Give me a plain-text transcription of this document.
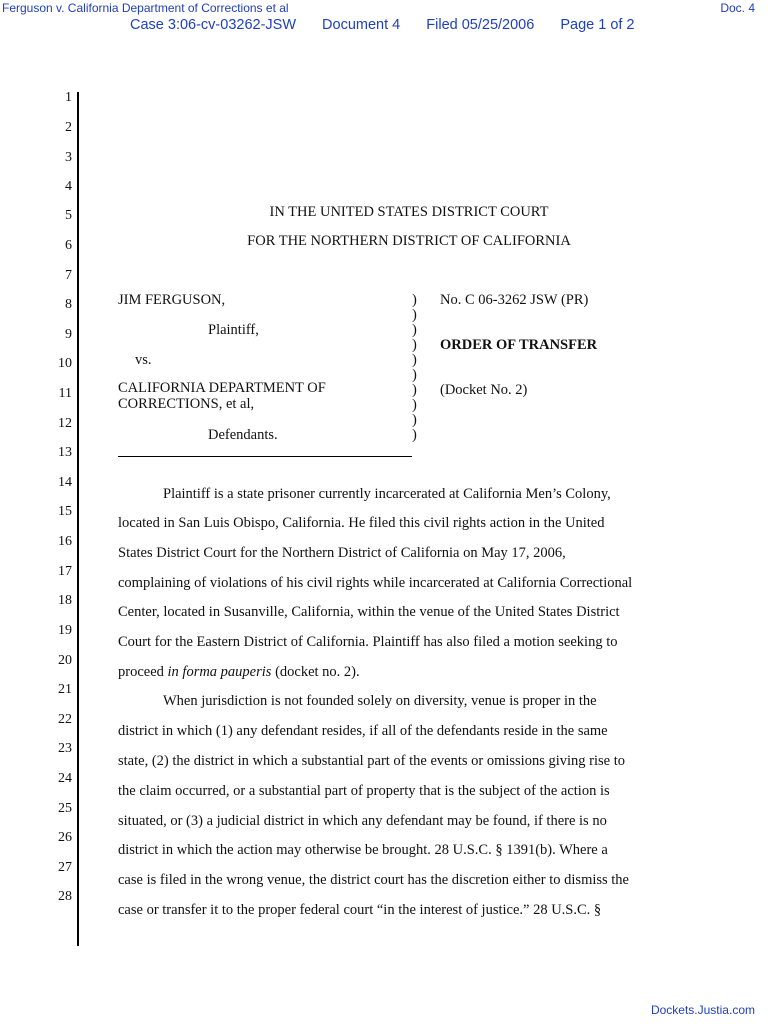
Ferguson v. California Department of Corrections et al	Doc. 4
Case 3:06-cv-03262-JSW Document 4 Filed 05/25/2006 Page 1 of 2
1
2
3
4
5
6
7
8
9
10
11
12
13
14
15
16
17
18
19
20
21
22
23
24
25
26
27
28
IN THE UNITED STATES DISTRICT COURT
FOR THE NORTHERN DISTRICT OF CALIFORNIA
JIM FERGUSON,
Plaintiff,
vs.
CALIFORNIA DEPARTMENT OF
CORRECTIONS, et al,
Defendants.
)
)
)
)
)
)
)
)
)
)
No. C 06-3262 JSW (PR)
ORDER OF TRANSFER
(Docket No. 2)
Plaintiff is a state prisoner currently incarcerated at California Men’s Colony,
located in San Luis Obispo, California. He filed this civil rights action in the United
States District Court for the Northern District of California on May 17, 2006,
complaining of violations of his civil rights while incarcerated at California Correctional
Center, located in Susanville, California, within the venue of the United States District
Court for the Eastern District of California. Plaintiff has also filed a motion seeking to
proceed in forma pauperis (docket no. 2).
When jurisdiction is not founded solely on diversity, venue is proper in the
district in which (1) any defendant resides, if all of the defendants reside in the same
state, (2) the district in which a substantial part of the events or omissions giving rise to
the claim occurred, or a substantial part of property that is the subject of the action is
situated, or (3) a judicial district in which any defendant may be found, if there is no
district in which the action may otherwise be brought. 28 U.S.C. § 1391(b). Where a
case is filed in the wrong venue, the district court has the discretion either to dismiss the
case or transfer it to the proper federal court “in the interest of justice.” 28 U.S.C. §
Dockets.Justia.com
